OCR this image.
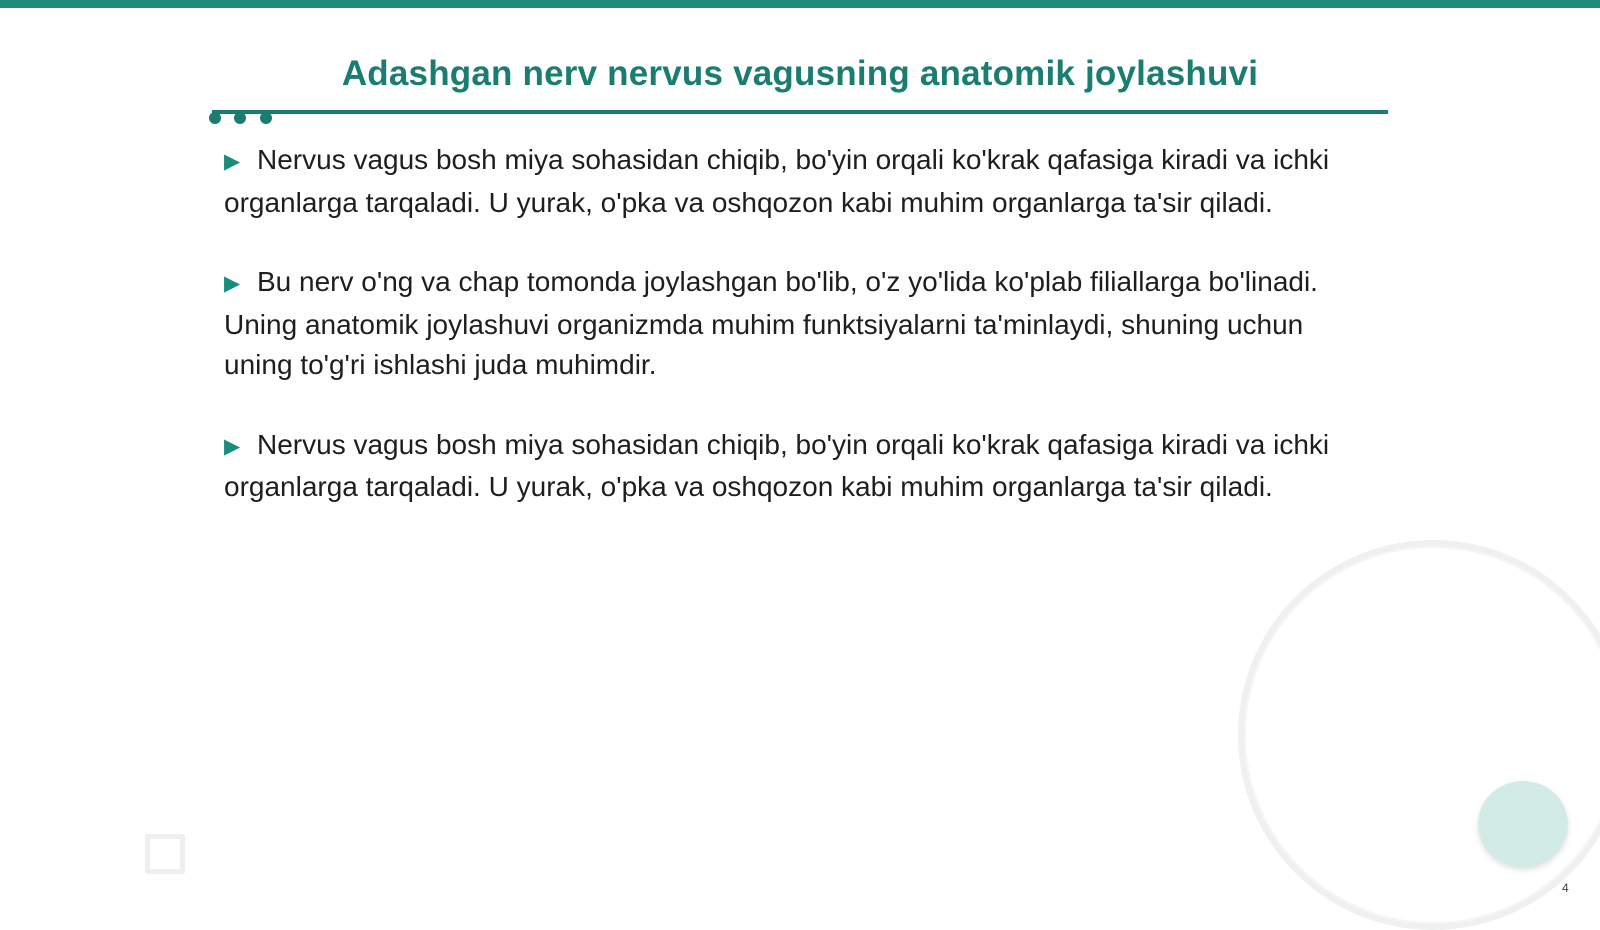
Adashgan nerv nervus vagusning anatomik joylashuvi

▶ Nervus vagus bosh miya sohasidan chiqib, bo'yin orqali ko'krak qafasiga kiradi va ichki organlarga tarqaladi. U yurak, o'pka va oshqozon kabi muhim organlarga ta'sir qiladi.

▶ Bu nerv o'ng va chap tomonda joylashgan bo'lib, o'z yo'lida ko'plab filiallarga bo'linadi. Uning anatomik joylashuvi organizmda muhim funktsiyalarni ta'minlaydi, shuning uchun uning to'g'ri ishlashi juda muhimdir.

▶ Nervus vagus bosh miya sohasidan chiqib, bo'yin orqali ko'krak qafasiga kiradi va ichki organlarga tarqaladi. U yurak, o'pka va oshqozon kabi muhim organlarga ta'sir qiladi.

4
